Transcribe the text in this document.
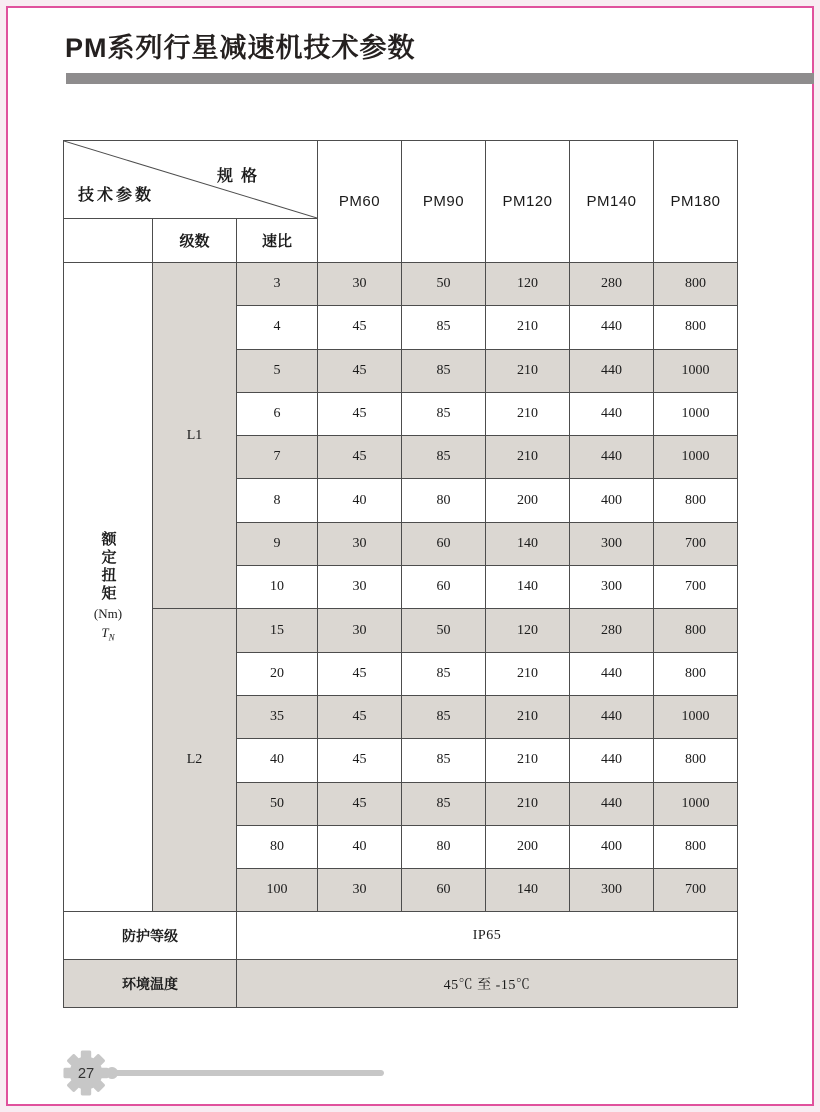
PM系列行星减速机技术参数
规格
技术参数			PM60	PM90	PM120	PM140	PM180
	级数	速比					

额定扭矩
(Nm)
$T_N$	L1	3	30	50	120	280	800
		4	45	85	210	440	800
		5	45	85	210	440	1000
		6	45	85	210	440	1000
		7	45	85	210	440	1000
		8	40	80	200	400	800
		9	30	60	140	300	700
		10	30	60	140	300	700
	L2	15	30	50	120	280	800
		20	45	85	210	440	800
		35	45	85	210	440	1000
		40	45	85	210	440	800
		50	45	85	210	440	1000
		80	40	80	200	400	800
		100	30	60	140	300	700
防护等级		IP65					
环境温度		45℃ 至 -15℃					
27
